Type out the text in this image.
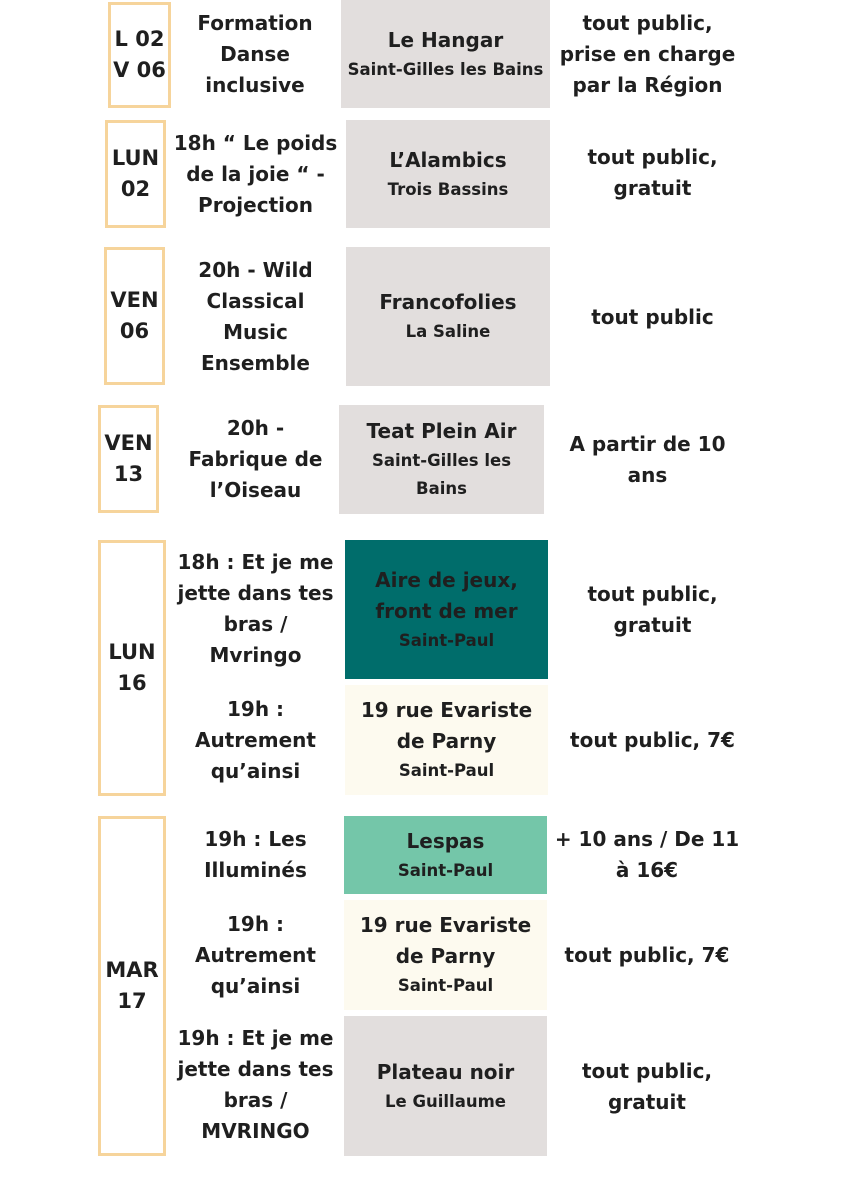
L 02
V 06
Formation
Danse
inclusive
Le Hangar
Saint-Gilles les Bains
tout public,
prise en charge
par la Région
LUN
02
18h “ Le poids
de la joie “ -
Projection
L’Alambics
Trois Bassins
tout public,
gratuit
VEN
06
20h - Wild
Classical
Music
Ensemble
Francofolies
La Saline
tout public
VEN
13
20h -
Fabrique de
l’Oiseau
Teat Plein Air
Saint-Gilles les Bains
A partir de 10
ans
LUN
16
18h : Et je me
jette dans tes
bras /
Mvringo
Aire de jeux, front de mer
Saint-Paul
tout public,
gratuit
19h :
Autrement
qu’ainsi
19 rue Evariste de Parny
Saint-Paul
tout public, 7€
MAR
17
19h : Les
Illuminés
Lespas
Saint-Paul
+ 10 ans / De 11
à 16€
19h :
Autrement
qu’ainsi
19 rue Evariste de Parny
Saint-Paul
tout public, 7€
19h : Et je me
jette dans tes
bras /
MVRINGO
Plateau noir
Le Guillaume
tout public,
gratuit
